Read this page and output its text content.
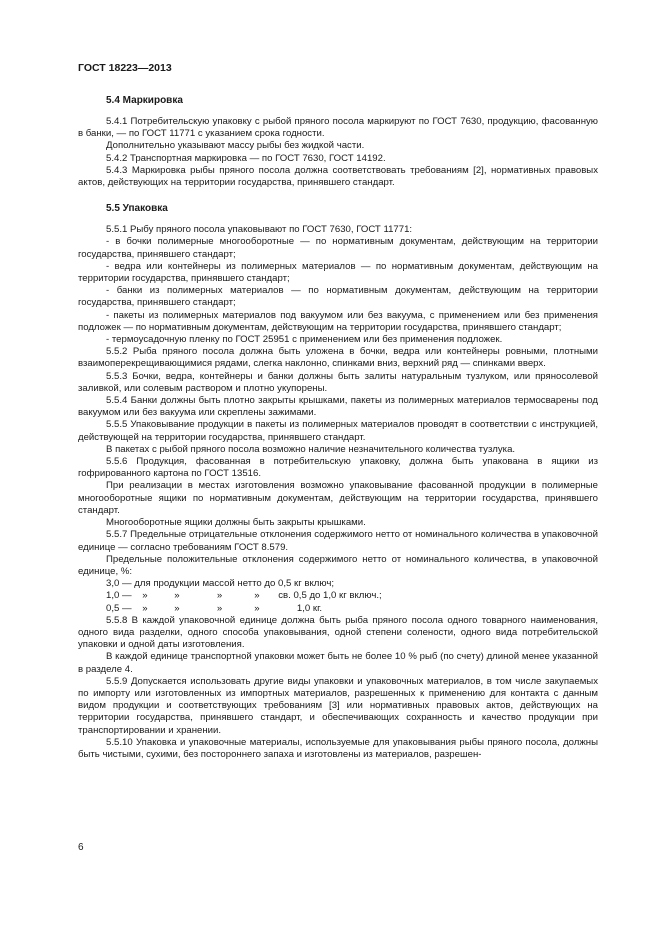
ГОСТ 18223—2013
5.4 Маркировка

5.4.1 Потребительскую упаковку с рыбой пряного посола маркируют по ГОСТ 7630, продукцию, фасованную в банки, — по ГОСТ 11771 с указанием срока годности.

Дополнительно указывают массу рыбы без жидкой части.

5.4.2 Транспортная маркировка — по ГОСТ 7630, ГОСТ 14192.

5.4.3 Маркировка рыбы пряного посола должна соответствовать требованиям [2], нормативных правовых актов, действующих на территории государства, принявшего стандарт.

5.5 Упаковка

5.5.1 Рыбу пряного посола упаковывают по ГОСТ 7630, ГОСТ 11771:

- в бочки полимерные многооборотные — по нормативным документам, действующим на территории государства, принявшего стандарт;

- ведра или контейнеры из полимерных материалов — по нормативным документам, действующим на территории государства, принявшего стандарт;

- банки из полимерных материалов — по нормативным документам, действующим на территории государства, принявшего стандарт;

- пакеты из полимерных материалов под вакуумом или без вакуума, с применением или без применения подложек — по нормативным документам, действующим на территории государства, принявшего стандарт;

- термоусадочную пленку по ГОСТ 25951 с применением или без применения подложек.

5.5.2 Рыба пряного посола должна быть уложена в бочки, ведра или контейнеры ровными, плотными взаимоперекрещивающимися рядами, слегка наклонно, спинками вниз, верхний ряд — спинками вверх.

5.5.3 Бочки, ведра, контейнеры и банки должны быть залиты натуральным тузлуком, или пряносолевой заливкой, или солевым раствором и плотно укупорены.

5.5.4 Банки должны быть плотно закрыты крышками, пакеты из полимерных материалов термосварены под вакуумом или без вакуума или скреплены зажимами.

5.5.5 Упаковывание продукции в пакеты из полимерных материалов проводят в соответствии с инструкцией, действующей на территории государства, принявшего стандарт.

В пакетах с рыбой пряного посола возможно наличие незначительного количества тузлука.

5.5.6 Продукция, фасованная в потребительскую упаковку, должна быть упакована в ящики из гофрированного картона по ГОСТ 13516.

При реализации в местах изготовления возможно упаковывание фасованной продукции в полимерные многооборотные ящики по нормативным документам, действующим на территории государства, принявшего стандарт.

Многооборотные ящики должны быть закрыты крышками.

5.5.7 Предельные отрицательные отклонения содержимого нетто от номинального количества в упаковочной единице — согласно требованиям ГОСТ 8.579.

Предельные положительные отклонения содержимого нетто от номинального количества, в упаковочной единице, %:

3,0 — для продукции массой нетто до 0,5 кг включ;
1,0 —    »          »              »            »       св. 0,5 до 1,0 кг включ.;
0,5 —    »          »              »            »              1,0 кг.

5.5.8 В каждой упаковочной единице должна быть рыба пряного посола одного товарного наименования, одного вида разделки, одного способа упаковывания, одной степени солености, одного вида потребительской упаковки и одной даты изготовления.

В каждой единице транспортной упаковки может быть не более 10 % рыб (по счету) длиной менее указанной в разделе 4.

5.5.9 Допускается использовать другие виды упаковки и упаковочных материалов, в том числе закупаемых по импорту или изготовленных из импортных материалов, разрешенных к применению для контакта с данным видом продукции и соответствующих требованиям [3] или нормативных правовых актов, действующих на территории государства, принявшего стандарт, и обеспечивающих сохранность и качество продукции при транспортировании и хранении.

5.5.10 Упаковка и упаковочные материалы, используемые для упаковывания рыбы пряного посола, должны быть чистыми, сухими, без постороннего запаха и изготовлены из материалов, разрешен-

6
